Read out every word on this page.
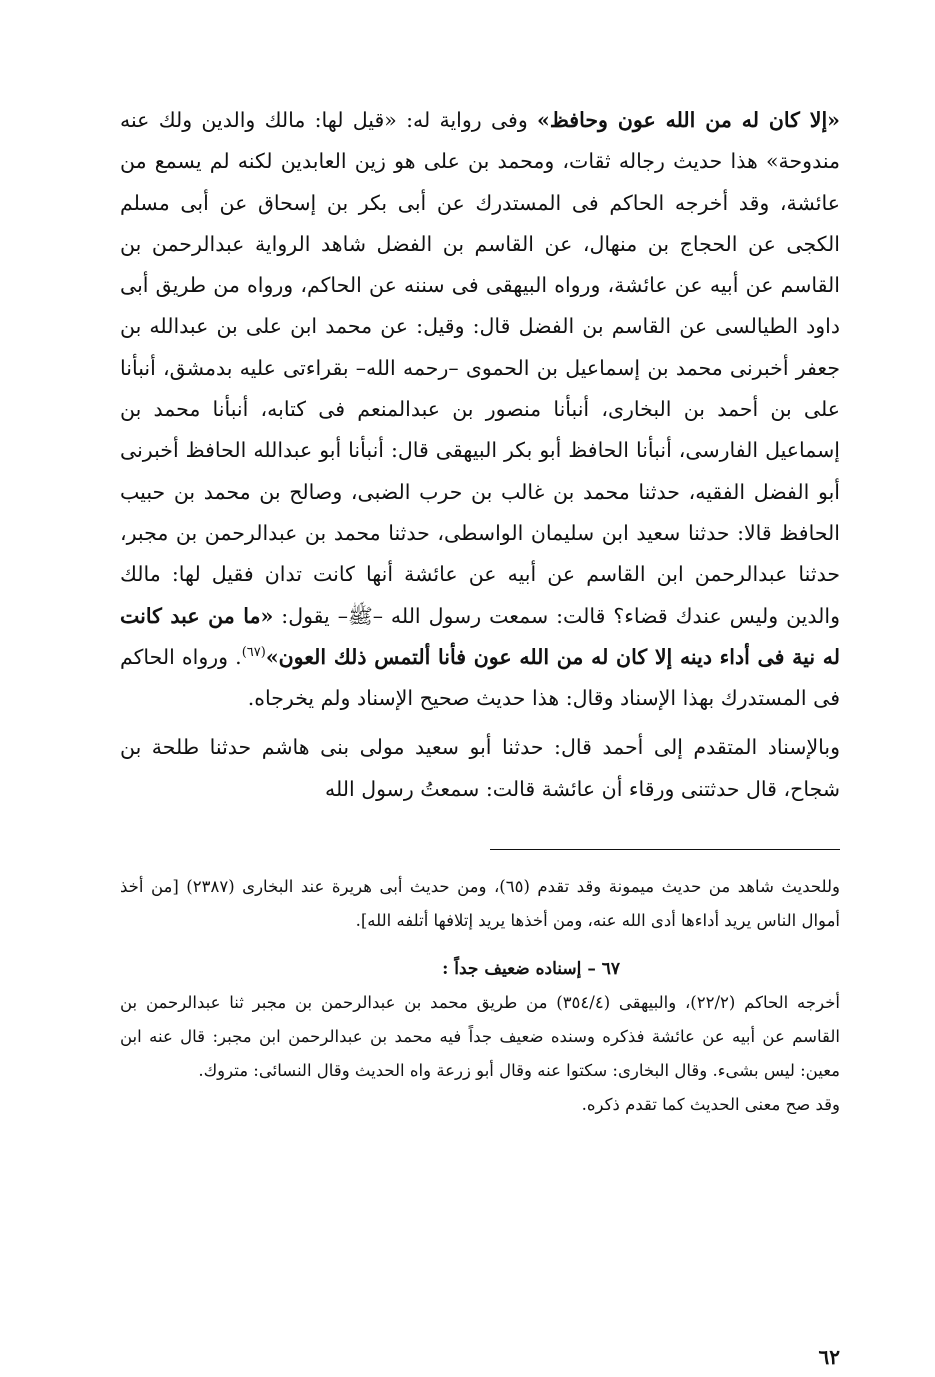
«إلا كان له من الله عون وحافظ» وفى رواية له: «قيل لها: مالك والدين ولك عنه مندوحة» هذا حديث رجاله ثقات، ومحمد بن على هو زين العابدين لكنه لم يسمع من عائشة، وقد أخرجه الحاكم فى المستدرك عن أبى بكر بن إسحاق عن أبى مسلم الكجى عن الحجاج بن منهال، عن القاسم بن الفضل شاهد الرواية عبدالرحمن بن القاسم عن أبيه عن عائشة، ورواه البيهقى فى سننه عن الحاكم، ورواه من طريق أبى داود الطيالسى عن القاسم بن الفضل قال: وقيل: عن محمد ابن على بن عبدالله بن جعفر أخبرنى محمد بن إسماعيل بن الحموى –رحمه الله– بقراءتى عليه بدمشق، أنبأنا على بن أحمد بن البخارى، أنبأنا منصور بن عبدالمنعم فى كتابه، أنبأنا محمد بن إسماعيل الفارسى، أنبأنا الحافظ أبو بكر البيهقى قال: أنبأنا أبو عبدالله الحافظ أخبرنى أبو الفضل الفقيه، حدثنا محمد بن غالب بن حرب الضبى، وصالح بن محمد بن حبيب الحافظ قالا: حدثنا سعيد ابن سليمان الواسطى، حدثنا محمد بن عبدالرحمن بن مجبر، حدثنا عبدالرحمن ابن القاسم عن أبيه عن عائشة أنها كانت تدان فقيل لها: مالك والدين وليس عندك قضاء؟ قالت: سمعت رسول الله –ﷺ– يقول: «ما من عبد كانت له نية فى أداء دينه إلا كان له من الله عون فأنا ألتمس ذلك العون»$^{(٦٧)}$. ورواه الحاكم فى المستدرك بهذا الإسناد وقال: هذا حديث صحيح الإسناد ولم يخرجاه.

وبالإسناد المتقدم إلى أحمد قال: حدثنا أبو سعيد مولى بنى هاشم حدثنا طلحة بن شجاح، قال حدثتنى ورقاء أن عائشة قالت: سمعتُ رسول الله

وللحديث شاهد من حديث ميمونة وقد تقدم (٦٥)، ومن حديث أبى هريرة عند البخارى (٢٣٨٧) [من أخذ أموال الناس يريد أداءها أدى الله عنه، ومن أخذها يريد إتلافها أتلفه الله].

٦٧ – إسناده ضعيف جداً :

أخرجه الحاكم (٢٢/٢)، والبيهقى (٣٥٤/٤) من طريق محمد بن عبدالرحمن بن مجبر ثنا عبدالرحمن بن القاسم عن أبيه عن عائشة فذكره وسنده ضعيف جداً فيه محمد بن عبدالرحمن ابن مجبر: قال عنه ابن معين: ليس بشىء. وقال البخارى: سكتوا عنه وقال أبو زرعة واه الحديث وقال النسائى: متروك.

وقد صح معنى الحديث كما تقدم ذكره.

٦٢
